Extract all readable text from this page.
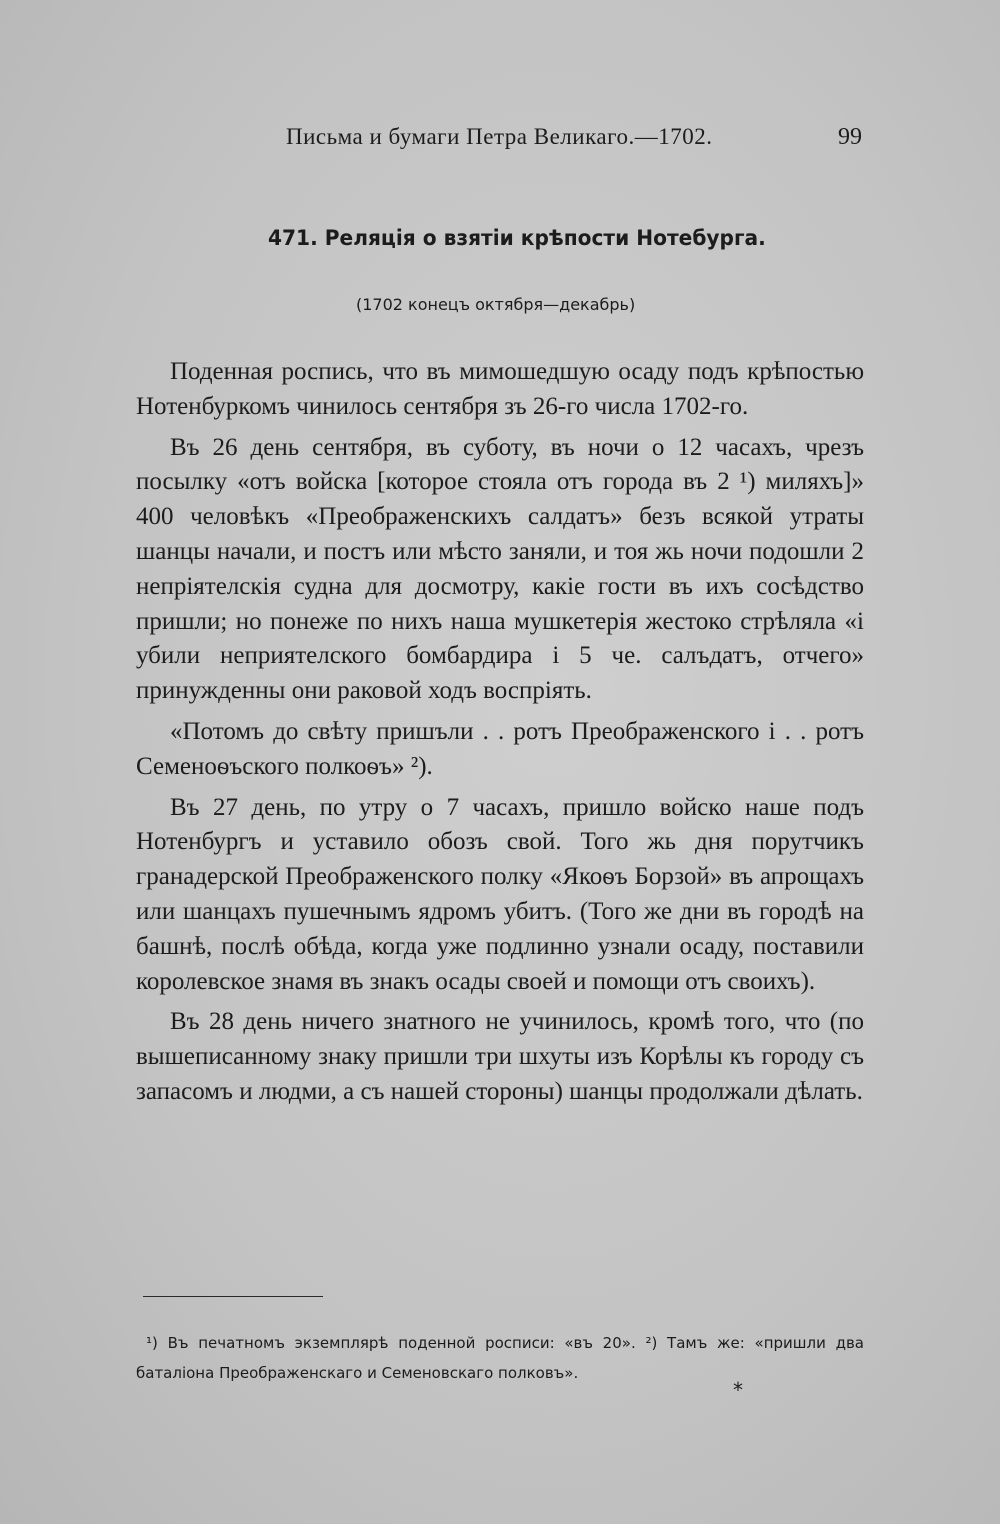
Письма и бумаги Петра Великаго.—1702.	99
471. Реляція о взятіи крѣпости Нотебурга.
(1702 конецъ октября—декабрь)

Поденная роспись, что въ мимошедшую осаду подъ крѣпостью Нотенбуркомъ чинилось сентября зъ 26-го числа 1702-го.

Въ 26 день сентября, въ суботу, въ ночи о 12 часахъ, чрезъ посылку «отъ войска [которое стояла отъ города въ 2 ¹) миляхъ]» 400 человѣкъ «Преображенскихъ салдатъ» безъ всякой утраты шанцы начали, и постъ или мѣсто заняли, и тоя жь ночи подошли 2 непріятелскія судна для досмотру, какіе гости въ ихъ сосѣдство пришли; но понеже по нихъ наша мушкетерія жестоко стрѣляла «і убили неприятелского бомбардира і 5 че. салъдатъ, отчего» принужденны они раковой ходъ воспріять.

«Потомъ до свѣту пришъли . . ротъ Преображенского і . . ротъ Семеноѳъского полкоѳъ» ²).

Въ 27 день, по утру о 7 часахъ, пришло войско наше подъ Нотенбургъ и уставило обозъ свой. Того жь дня порутчикъ гранадерской Преображенского полку «Якоѳъ Борзой» въ апрощахъ или шанцахъ пушечнымъ ядромъ убитъ. (Того же дни въ городѣ на башнѣ, послѣ обѣда, когда уже подлинно узнали осаду, поставили королевское знамя въ знакъ осады своей и помощи отъ своихъ).

Въ 28 день ничего знатного не учинилось, кромѣ того, что (по вышеписанному знаку пришли три шхуты изъ Корѣлы къ городу съ запасомъ и людми, а съ нашей стороны) шанцы продолжали дѣлать.

¹) Въ печатномъ экземплярѣ поденной росписи: «въ 20». ²) Тамъ же: «пришли два баталіона Преображенскаго и Семеновскаго полковъ».

*
